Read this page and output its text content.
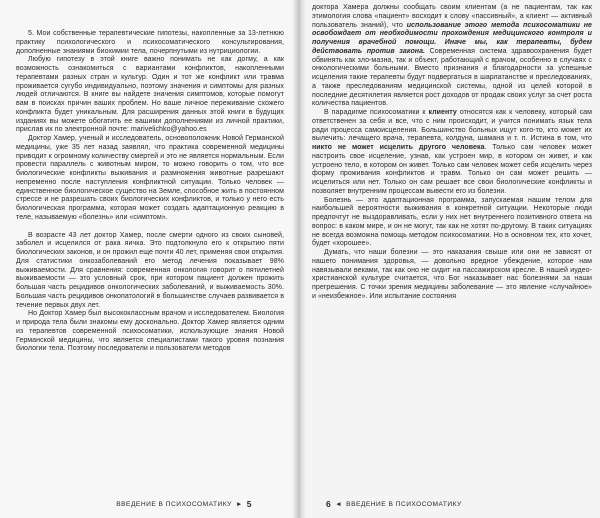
5. Мои собственные терапевтические гипотезы, накопленные за 13-летнюю практику психологического и психосоматического консультирования, дополненные знаниями биохимии тела, почерпнутыми из нутрициологии.

Любую гипотезу в этой книге важно понимать не как догму, а как возможность ознакомиться с вариантами конфликтов, накопленными терапевтами разных стран и культур. Один и тот же конфликт или травма проживается сугубо индивидуально, поэтому значения и симптомы для разных людей отличаются. В книге вы найдете значения симптомов, которые помогут вам в поисках причин ваших проблем. Но ваше личное переживание схожего конфликта будет уникальным. Для расширения данных этой книги в будущих изданиях вы можете обогатить ее вашими дополнениями из личной практики, прислав их по электронной почте: marivelichko@yahoo.es

Доктор Хамер, ученый и исследователь, основоположник Новой Германской медицины, уже 35 лет назад заявлял, что практика современной медицины приводит к огромному количеству смертей и это не является нормальным. Если провести параллель с животным миром, то можно говорить о том, что все биологические конфликты выживания и размножения животные разрешают непременно после наступления конфликтной ситуации. Только человек — единственное биологическое существо на Земле, способное жить в постоянном стрессе и не разрешать своих биологических конфликтов, и только у него есть биологическая программа, которая может создать адаптационную реакцию в теле, называемую «болезнь» или «симптом».

В возрасте 43 лет доктор Хамер, после смерти одного из своих сыновей, заболел и исцелился от рака яичка. Это подтолкнуло его к открытию пяти биологических законов, и он прожил еще почти 40 лет, применяя свои открытия. Для статистики онкозаболеваний его метод лечения показывает 98% выживаемости. Для сравнения: современная онкология говорит о пятилетней выживаемости — это условный срок, при котором пациент должен прожить большая часть рецидивов онкологических заболеваний, и выживаемость 30%. Большая часть рецидивов онкопатологий в большинстве случаев развивается в течение первых двух лет.

Но Доктор Хамер был высококлассным врачом и исследователем. Биология и природа тела были знакомы ему досконально. Доктор Хамер является одним из терапевтов современной психосоматики, использующие знания Новой Германской медицины, что является специалистами такого уровня познания биологии тела. Поэтому последователи и пользователи методов

ВВЕДЕНИЕ В ПСИХОСОМАТИКУ ► 5

доктора Хамера должны сообщать своим клиентам (а не пациентам, так как этимология слова «пациент» восходит к слову «пассивный», а клиент — активный пользователь знаний), что использование этого метода психосоматики не освобождает от необходимости прохождения медицинского контроля и получения врачебной помощи. Иначе мы, как терапевты, будем действовать против закона. Современная система здравоохранения будет обвинять как зло-мазна, так и объект, работающий с врачом, особенно в случаях с онкологическими больными. Вместо признания и благодарности за успешные исцеления такие терапевты будут подвергаться в шарлатанстве и преследованиях, а также преследованиям медицинской системы, одной из целей которой в последние десятилетия является рост доходов от продаж своих услуг за счет роста количества пациентов.

В парадигме психосоматики к клиенту относятся как к человеку, который сам ответственен за себя и все, что с ним происходит, и учится понимать язык тела ради процесса самоисцеления. Большинство больных ищут кого-то, кто может их вылечить: лечащего врача, терапевта, колдуна, шамана и т. п. Истина в том, что никто не может исцелить другого человека. Только сам человек может настроить свое исцеление, узнав, как устроен мир, в котором он живет, и как устроено тело, в котором он живет. Только сам человек может себя исцелить через форму проживания конфликтов и травм. Только он сам может решить — исцелиться или нет. Только он сам решает все свои биологические конфликты и позволяет внутренним процессам вывести его из болезни.

Болезнь — это адаптационная программа, запускаемая нашим телом для наибольшей вероятности выживания в конкретной ситуации. Некоторые люди предпочтут не выздоравливать, если у них нет внутреннего позитивного ответа на вопрос: в каком мире, и он не могут, так как не хотят по-другому. В таких ситуациях не всегда возможна помощь методом психосоматики. Но в основном тех, кто хочет, будет «хорошее».

Думать, что наши болезни — это наказания свыше или они не зависят от нашего понимания здоровья, — довольно вредное убеждение, которое нам навязывали веками, так как оно не сидит на пассажирском кресле. В нашей иудео-христианской культуре считается, что Бог наказывает нас болезнями за наши прегрешения. С точки зрения медицины заболевание — это явление «случайное» и «неизбежное». Или испытание состояния

6 ◄ ВВЕДЕНИЕ В ПСИХОСОМАТИКУ
